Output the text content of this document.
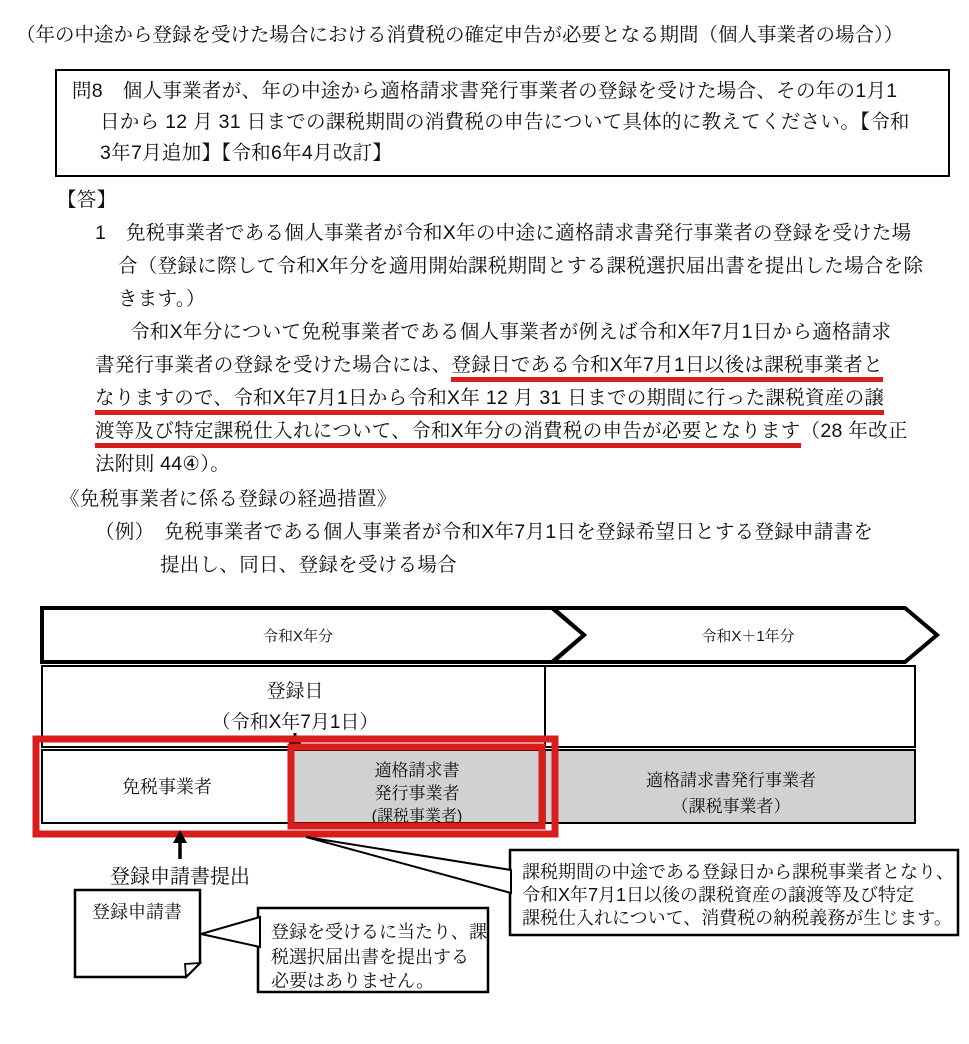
（年の中途から登録を受けた場合における消費税の確定申告が必要となる期間（個人事業者の場合））
問8　個人事業者が、年の中途から適格請求書発行事業者の登録を受けた場合、その年の1月1
日から 12 月 31 日までの課税期間の消費税の申告について具体的に教えてください。【令和
3年7月追加】【令和6年4月改訂】
【答】
1　免税事業者である個人事業者が令和X年の中途に適格請求書発行事業者の登録を受けた場
合（登録に際して令和X年分を適用開始課税期間とする課税選択届出書を提出した場合を除
きます。）
令和X年分について免税事業者である個人事業者が例えば令和X年7月1日から適格請求
書発行事業者の登録を受けた場合には、登録日である令和X年7月1日以後は課税事業者と
なりますので、令和X年7月1日から令和X年 12 月 31 日までの期間に行った課税資産の譲
渡等及び特定課税仕入れについて、令和X年分の消費税の申告が必要となります（28 年改正
法附則 44④）。
《免税事業者に係る登録の経過措置》
（例）　免税事業者である個人事業者が令和X年7月1日を登録希望日とする登録申請書を
提出し、同日、登録を受ける場合
令和X年分	令和X＋1年分
登録日
（令和X年7月1日）
免税事業者
適格請求書
発行事業者
(課税事業者)
適格請求書発行事業者
（課税事業者）
登録申請書提出	課税期間の中途である登録日から課税事業者となり、
令和X年7月1日以後の課税資産の譲渡等及び特定
課税仕入れについて、消費税の納税義務が生じます。
登録申請書
登録を受けるに当たり、課
税選択届出書を提出する
必要はありません。
